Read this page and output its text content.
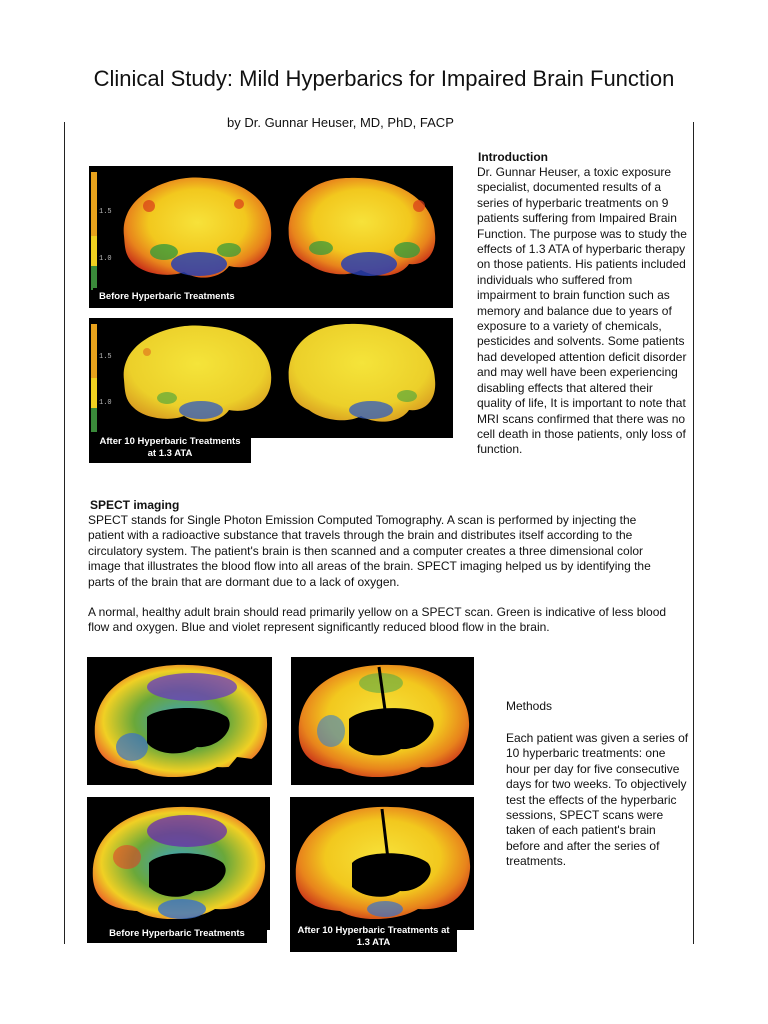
Clinical Study: Mild Hyperbarics for Impaired Brain Function
by Dr. Gunnar Heuser, MD, PhD, FACP
1.5
1.0
Before Hyperbaric Treatments
1.5
1.0
After 10 Hyperbaric Treatments at 1.3 ATA
Introduction

Dr. Gunnar Heuser, a toxic exposure specialist, documented results of a series of hyperbaric treatments on 9 patients suffering from Impaired Brain Function. The purpose was to study the effects of 1.3 ATA of hyperbaric therapy on those patients. His patients included individuals who suffered from impairment to brain function such as memory and balance due to years of exposure to a variety of chemicals, pesticides and solvents. Some patients had developed attention deficit disorder and may well have been experiencing disabling effects that altered their quality of life, It is important to note that MRI scans confirmed that there was no cell death in those patients, only loss of function.

SPECT imaging

SPECT stands for Single Photon Emission Computed Tomography. A scan is performed by injecting the patient with a radioactive substance that travels through the brain and distributes itself according to the circulatory system. The patient's brain is then scanned and a computer creates a three dimensional color image that illustrates the blood flow into all areas of the brain. SPECT imaging helped us by identifying the parts of the brain that are dormant due to a lack of oxygen.

A normal, healthy adult brain should read primarily yellow on a SPECT scan. Green is indicative of less blood flow and oxygen. Blue and violet represent significantly reduced blood flow in the brain.

Before Hyperbaric Treatments	After 10 Hyperbaric Treatments at 1.3 ATA
Methods

Each patient was given a series of 10 hyperbaric treatments: one hour per day for five consecutive days for two weeks. To objectively test the effects of the hyperbaric sessions, SPECT scans were taken of each patient's brain before and after the series of treatments.
